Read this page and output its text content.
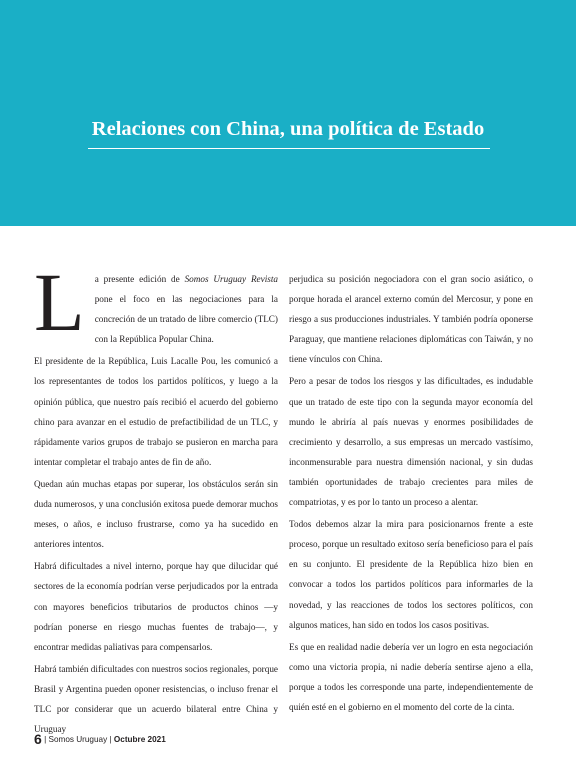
Relaciones con China, una política de Estado

L a presente edición de Somos Uruguay Revista pone el foco en las negociaciones para la concreción de un tratado de libre comercio (TLC) con la República Popular China.

El presidente de la República, Luis Lacalle Pou, les comunicó a los representantes de todos los partidos políticos, y luego a la opinión pública, que nuestro país recibió el acuerdo del gobierno chino para avanzar en el estudio de prefactibilidad de un TLC, y rápidamente varios grupos de trabajo se pusieron en marcha para intentar completar el trabajo antes de fin de año.

Quedan aún muchas etapas por superar, los obstáculos serán sin duda numerosos, y una conclusión exitosa puede demorar muchos meses, o años, e incluso frustrarse, como ya ha sucedido en anteriores intentos.

Habrá dificultades a nivel interno, porque hay que dilucidar qué sectores de la economía podrían verse perjudicados por la entrada con mayores beneficios tributarios de productos chinos —y podrían ponerse en riesgo muchas fuentes de trabajo—, y encontrar medidas paliativas para compensarlos.

Habrá también dificultades con nuestros socios regionales, porque Brasil y Argentina pueden oponer resistencias, o incluso frenar el TLC por considerar que un acuerdo bilateral entre China y Uruguay

perjudica su posición negociadora con el gran socio asiático, o porque horada el arancel externo común del Mercosur, y pone en riesgo a sus producciones industriales. Y también podría oponerse Paraguay, que mantiene relaciones diplomáticas con Taiwán, y no tiene vínculos con China.

Pero a pesar de todos los riesgos y las dificultades, es indudable que un tratado de este tipo con la segunda mayor economía del mundo le abriría al país nuevas y enormes posibilidades de crecimiento y desarrollo, a sus empresas un mercado vastísimo, inconmensurable para nuestra dimensión nacional, y sin dudas también oportunidades de trabajo crecientes para miles de compatriotas, y es por lo tanto un proceso a alentar.

Todos debemos alzar la mira para posicionarnos frente a este proceso, porque un resultado exitoso sería beneficioso para el país en su conjunto. El presidente de la República hizo bien en convocar a todos los partidos políticos para informarles de la novedad, y las reacciones de todos los sectores políticos, con algunos matices, han sido en todos los casos positivas.

Es que en realidad nadie debería ver un logro en esta negociación como una victoria propia, ni nadie debería sentirse ajeno a ella, porque a todos les corresponde una parte, independientemente de quién esté en el gobierno en el momento del corte de la cinta.

6 | Somos Uruguay | Octubre 2021
